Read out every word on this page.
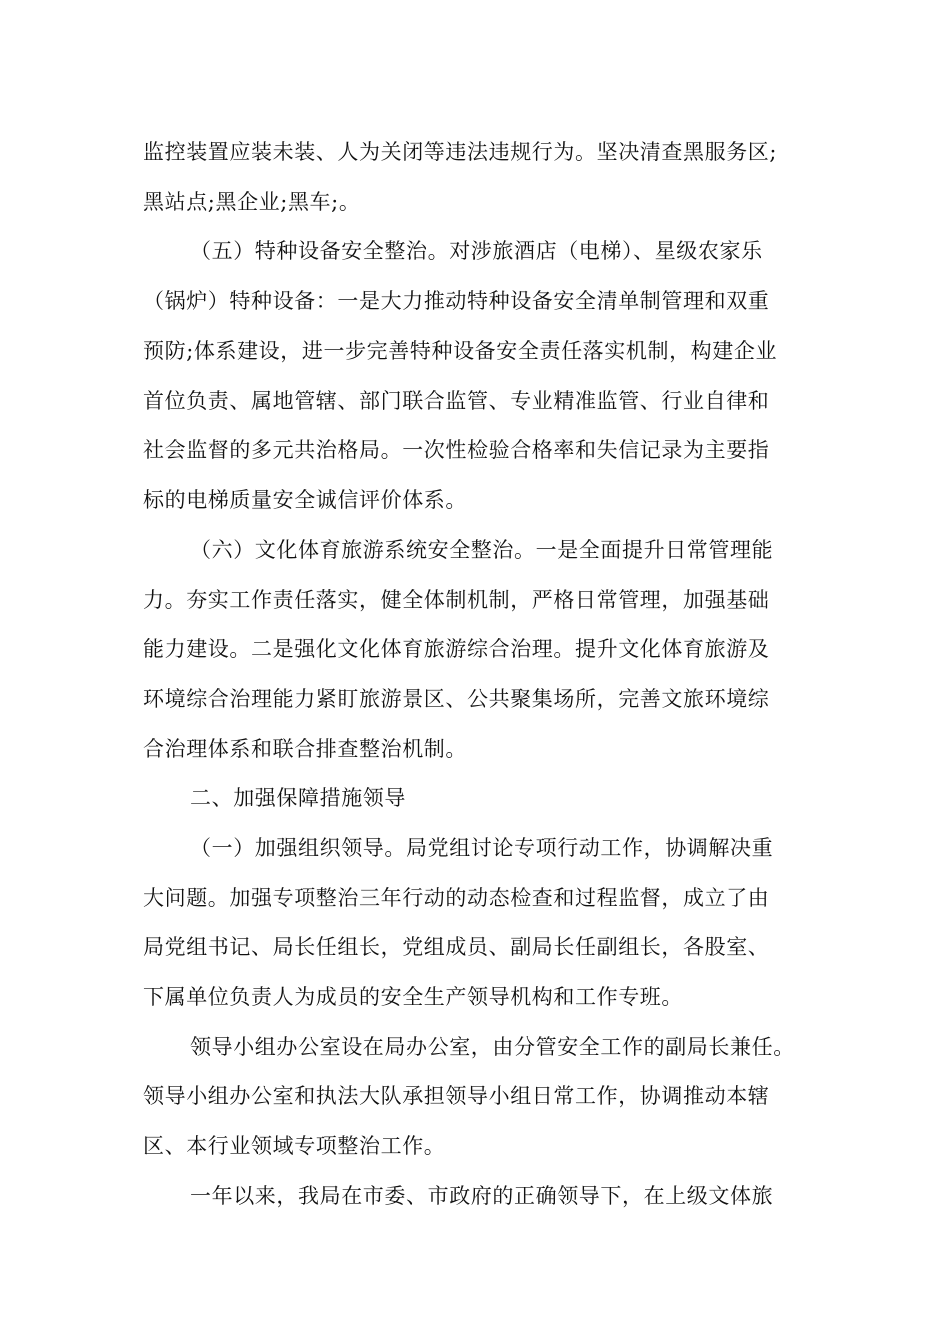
监控装置应装未装、人为关闭等违法违规行为。坚决清查黑服务区;
黑站点;黑企业;黑车;。
（五）特种设备安全整治。对涉旅酒店（电梯）、星级农家乐
（锅炉）特种设备：一是大力推动特种设备安全清单制管理和双重
预防;体系建设，进一步完善特种设备安全责任落实机制，构建企业
首位负责、属地管辖、部门联合监管、专业精准监管、行业自律和
社会监督的多元共治格局。一次性检验合格率和失信记录为主要指
标的电梯质量安全诚信评价体系。
（六）文化体育旅游系统安全整治。一是全面提升日常管理能
力。夯实工作责任落实，健全体制机制，严格日常管理，加强基础
能力建设。二是强化文化体育旅游综合治理。提升文化体育旅游及
环境综合治理能力紧盯旅游景区、公共聚集场所，完善文旅环境综
合治理体系和联合排查整治机制。
二、加强保障措施领导
（一）加强组织领导。局党组讨论专项行动工作，协调解决重
大问题。加强专项整治三年行动的动态检查和过程监督，成立了由
局党组书记、局长任组长，党组成员、副局长任副组长，各股室、
下属单位负责人为成员的安全生产领导机构和工作专班。
领导小组办公室设在局办公室，由分管安全工作的副局长兼任。
领导小组办公室和执法大队承担领导小组日常工作，协调推动本辖
区、本行业领域专项整治工作。
一年以来，我局在市委、市政府的正确领导下，在上级文体旅
